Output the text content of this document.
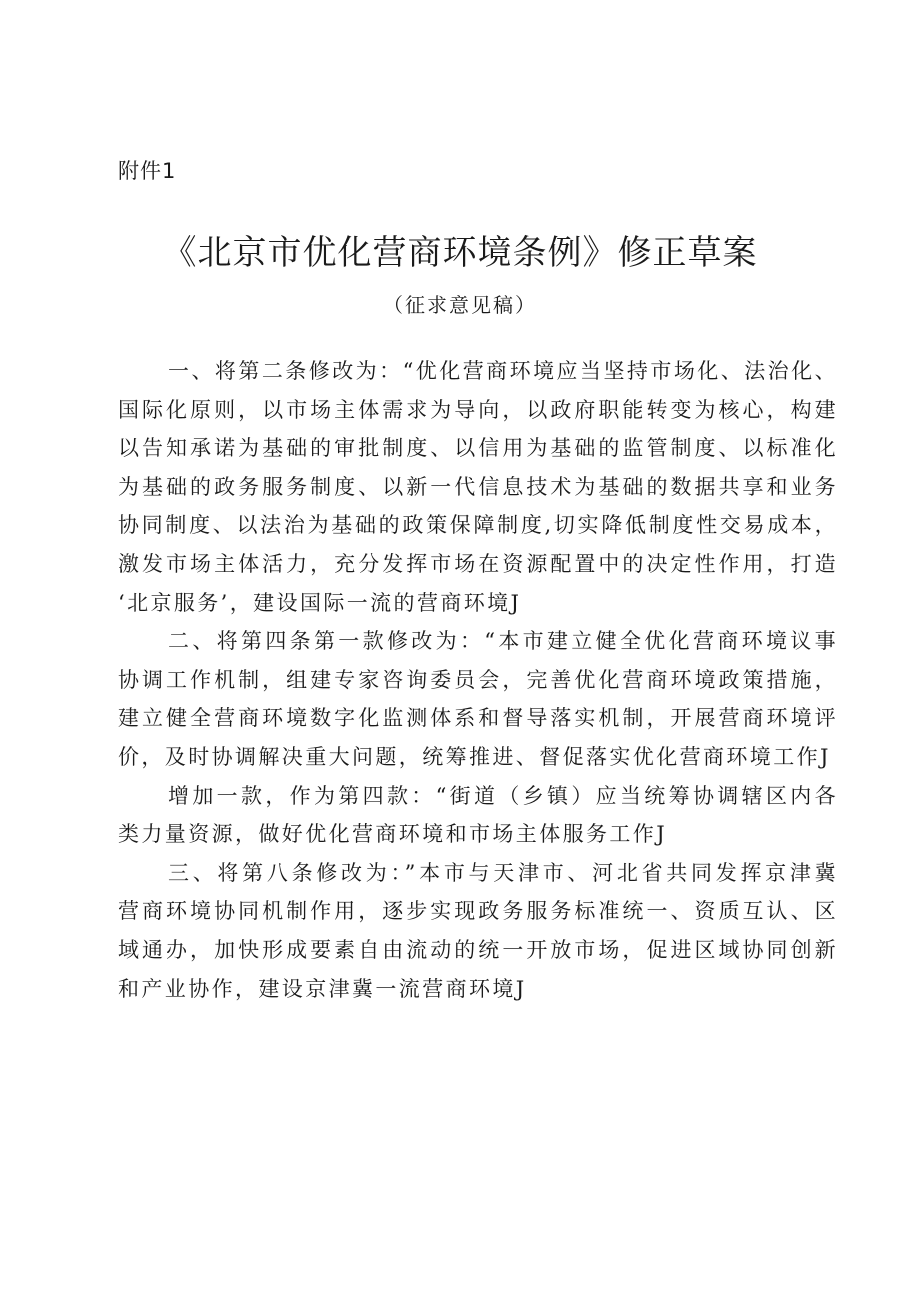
附件1
《北京市优化营商环境条例》修正草案
（征求意见稿）
一、将第二条修改为：“优化营商环境应当坚持市场化、法治化、
国际化原则，以市场主体需求为导向，以政府职能转变为核心，构建
以告知承诺为基础的审批制度、以信用为基础的监管制度、以标准化
为基础的政务服务制度、以新一代信息技术为基础的数据共享和业务
协同制度、以法治为基础的政策保障制度,切实降低制度性交易成本，
激发市场主体活力，充分发挥市场在资源配置中的决定性作用，打造
‘北京服务’，建设国际一流的营商环境J
二、将第四条第一款修改为：“本市建立健全优化营商环境议事
协调工作机制，组建专家咨询委员会，完善优化营商环境政策措施，
建立健全营商环境数字化监测体系和督导落实机制，开展营商环境评
价，及时协调解决重大问题，统筹推进、督促落实优化营商环境工作J
增加一款，作为第四款：“街道（乡镇）应当统筹协调辖区内各
类力量资源，做好优化营商环境和市场主体服务工作J
三、将第八条修改为：”本市与天津市、河北省共同发挥京津冀
营商环境协同机制作用，逐步实现政务服务标准统一、资质互认、区
域通办，加快形成要素自由流动的统一开放市场，促进区域协同创新
和产业协作，建设京津冀一流营商环境J
